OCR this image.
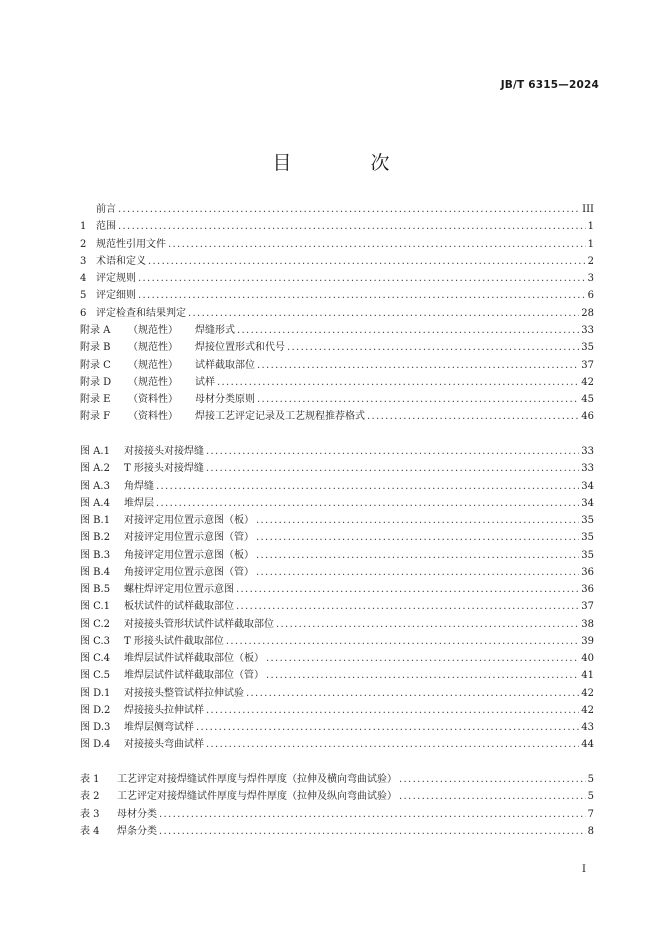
JB/T 6315—2024
目　次
前言 .....	III
1 范围 .....	1
2 规范性引用文件 .....	1
3 术语和定义 .....	2
4 评定规则 .....	3
5 评定细则 .....	6
6 评定检查和结果判定 .....	28
附录 A	（规范性）	焊缝形式 .....	33
附录 B	（规范性）	焊接位置形式和代号 .....	35
附录 C	（规范性）	试样截取部位 .....	37
附录 D	（规范性）	试样 .....	42
附录 E	（资料性）	母材分类原则 .....	45
附录 F	（资料性）	焊接工艺评定记录及工艺规程推荐格式 .....	46
图 A.1	对接接头对接焊缝 .....	33
图 A.2	T 形接头对接焊缝 .....	33
图 A.3	角焊缝 .....	34
图 A.4	堆焊层 .....	34
图 B.1	对接评定用位置示意图（板） .....	35
图 B.2	对接评定用位置示意图（管） .....	35
图 B.3	角接评定用位置示意图（板） .....	35
图 B.4	角接评定用位置示意图（管） .....	36
图 B.5	螺柱焊评定用位置示意图 .....	36
图 C.1	板状试件的试样截取部位 .....	37
图 C.2	对接接头管形状试件试样截取部位 .....	38
图 C.3	T 形接头试件截取部位 .....	39
图 C.4	堆焊层试件试样截取部位（板） .....	40
图 C.5	堆焊层试件试样截取部位（管） .....	41
图 D.1	对接接头整管试样拉伸试验 .....	42
图 D.2	焊接接头拉伸试样 .....	42
图 D.3	堆焊层侧弯试样 .....	43
图 D.4	对接接头弯曲试样 .....	44
表 1	工艺评定对接焊缝试件厚度与焊件厚度（拉伸及横向弯曲试验） .....	5
表 2	工艺评定对接焊缝试件厚度与焊件厚度（拉伸及纵向弯曲试验） .....	5
表 3	母材分类 .....	7
表 4	焊条分类 .....	8
I
